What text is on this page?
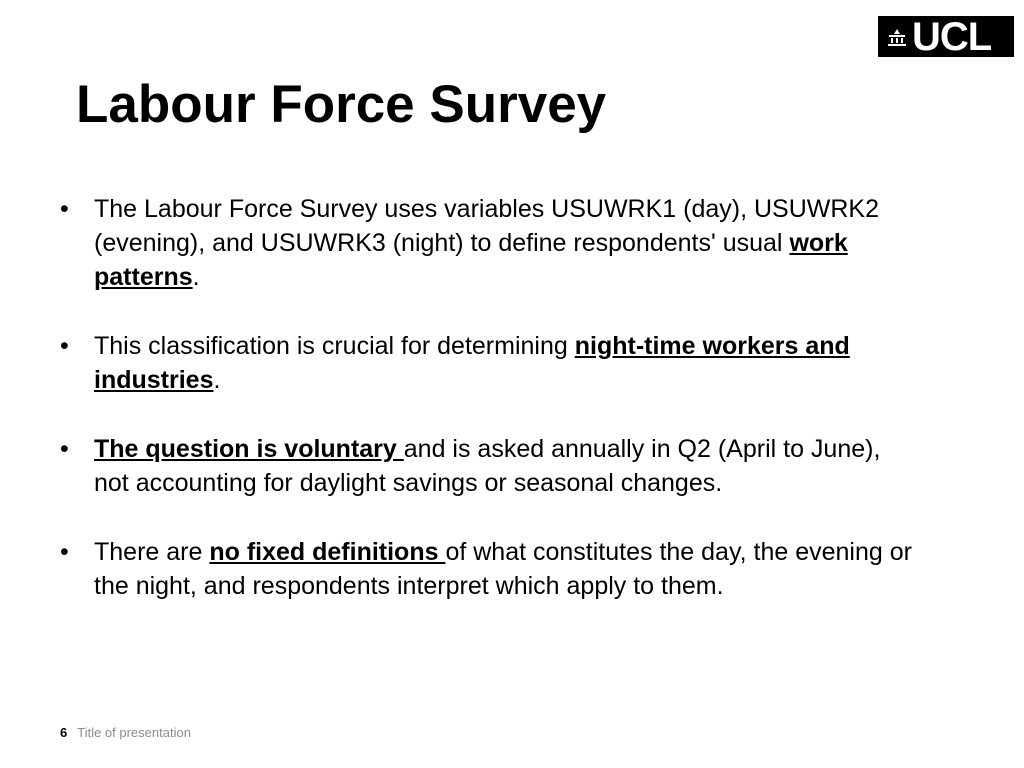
UCL
Labour Force Survey
• The Labour Force Survey uses variables USUWRK1 (day), USUWRK2 (evening), and USUWRK3 (night) to define respondents' usual work patterns.
• This classification is crucial for determining night-time workers and industries.
• The question is voluntary and is asked annually in Q2 (April to June), not accounting for daylight savings or seasonal changes.
• There are no fixed definitions of what constitutes the day, the evening or the night, and respondents interpret which apply to them.
6 Title of presentation
